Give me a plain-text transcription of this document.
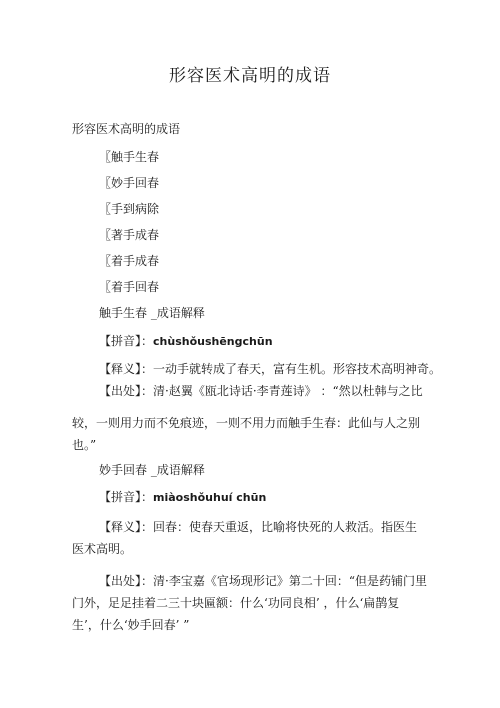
形容医术高明的成语
形容医术高明的成语
〖触手生春
〖妙手回春
〖手到病除
〖著手成春
〖着手成春
〖着手回春
触手生春 _成语解释
【拼音】：chùshǒushēngchūn
【释义】：一动手就转成了春天，富有生机。形容技术高明神奇。
【出处】：清·赵翼《瓯北诗话·李青莲诗》 ：“然以杜韩与之比
较，一则用力而不免痕迹，一则不用力而触手生春：此仙与人之别
也。”
妙手回春 _成语解释
【拼音】：miàoshǒuhuí chūn
【释义】：回春：使春天重返，比喻将快死的人救活。指医生
医术高明。
【出处】：清·李宝嘉《官场现形记》第二十回：“但是药铺门里
门外，足足挂着二三十块匾额：什么‘功同良相’ ，什么‘扁鹊复
生’，什么‘妙手回春’ ”
